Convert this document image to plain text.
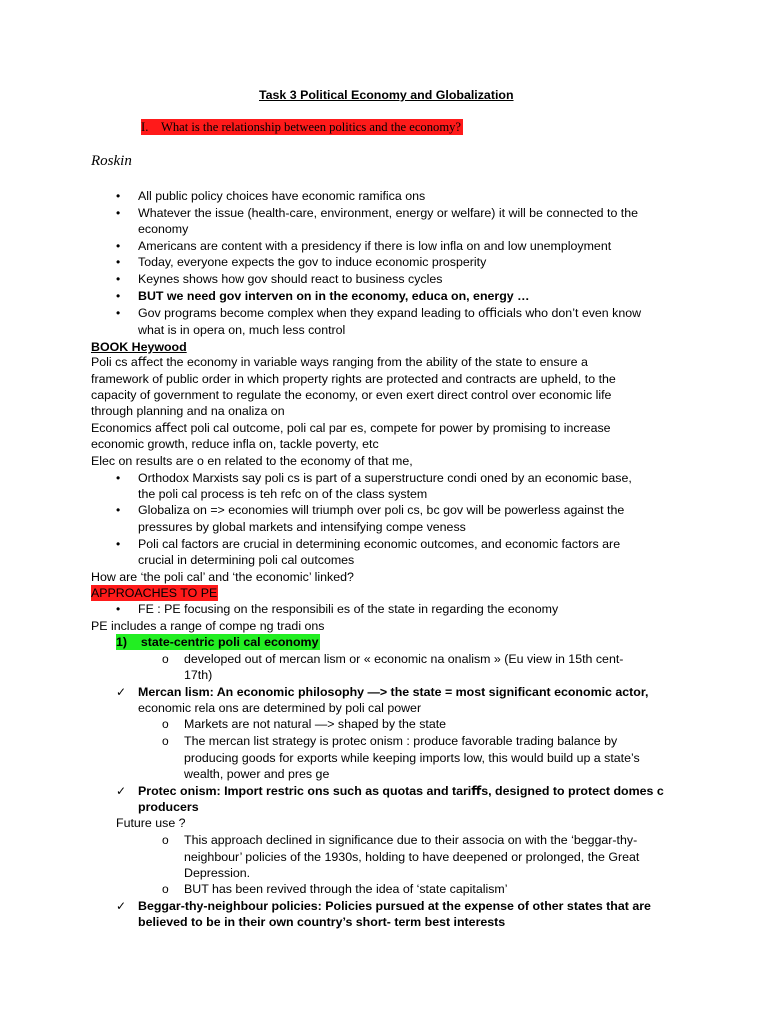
Task 3 Political Economy and Globalization
I. What is the relationship between politics and the economy?
Roskin
•
All public policy choices have economic ramifica ons
•
Whatever the issue (health-care, environment, energy or welfare) it will be connected to the
economy
•
Americans are content with a presidency if there is low infla on and low unemployment
•
Today, everyone expects the gov to induce economic prosperity
•
Keynes shows how gov should react to business cycles
•
BUT we need gov interven on in the economy, educa on, energy …
•
Gov programs become complex when they expand leading to oﬃcials who don’t even know
what is in opera on, much less control
BOOK Heywood
Poli cs aﬀect the economy in variable ways ranging from the ability of the state to ensure a
framework of public order in which property rights are protected and contracts are upheld, to the
capacity of government to regulate the economy, or even exert direct control over economic life
through planning and na onaliza on
Economics aﬀect poli cal outcome, poli cal par es, compete for power by promising to increase
economic growth, reduce infla on, tackle poverty, etc
Elec on results are o en related to the economy of that me,
•
Orthodox Marxists say poli cs is part of a superstructure condi oned by an economic base,
the poli cal process is teh refc on of the class system
•
Globaliza on => economies will triumph over poli cs, bc gov will be powerless against the
pressures by global markets and intensifying compe veness
•
Poli cal factors are crucial in determining economic outcomes, and economic factors are
crucial in determining poli cal outcomes
How are ‘the poli cal’ and ‘the economic’ linked?
APPROACHES TO PE
•
FE : PE focusing on the responsibili es of the state in regarding the economy
PE includes a range of compe ng tradi ons
1) state-centric poli cal economy
o
developed out of mercan lism or « economic na onalism » (Eu view in 15th cent-
17th)
✓
Mercan lism: An economic philosophy —> the state = most signiﬁcant economic actor,
economic rela ons are determined by poli cal power
o
Markets are not natural —> shaped by the state
o
The mercan list strategy is protec onism : produce favorable trading balance by
producing goods for exports while keeping imports low, this would build up a state’s
wealth, power and pres ge
✓
Protec onism: Import restric ons such as quotas and tariﬀs, designed to protect domes c
producers
Future use ?
o
This approach declined in signiﬁcance due to their associa on with the ‘beggar-thy-
neighbour’ policies of the 1930s, holding to have deepened or prolonged, the Great
Depression.
o
BUT has been revived through the idea of ‘state capitalism’
✓
Beggar-thy-neighbour policies: Policies pursued at the expense of other states that are
believed to be in their own country’s short- term best interests
